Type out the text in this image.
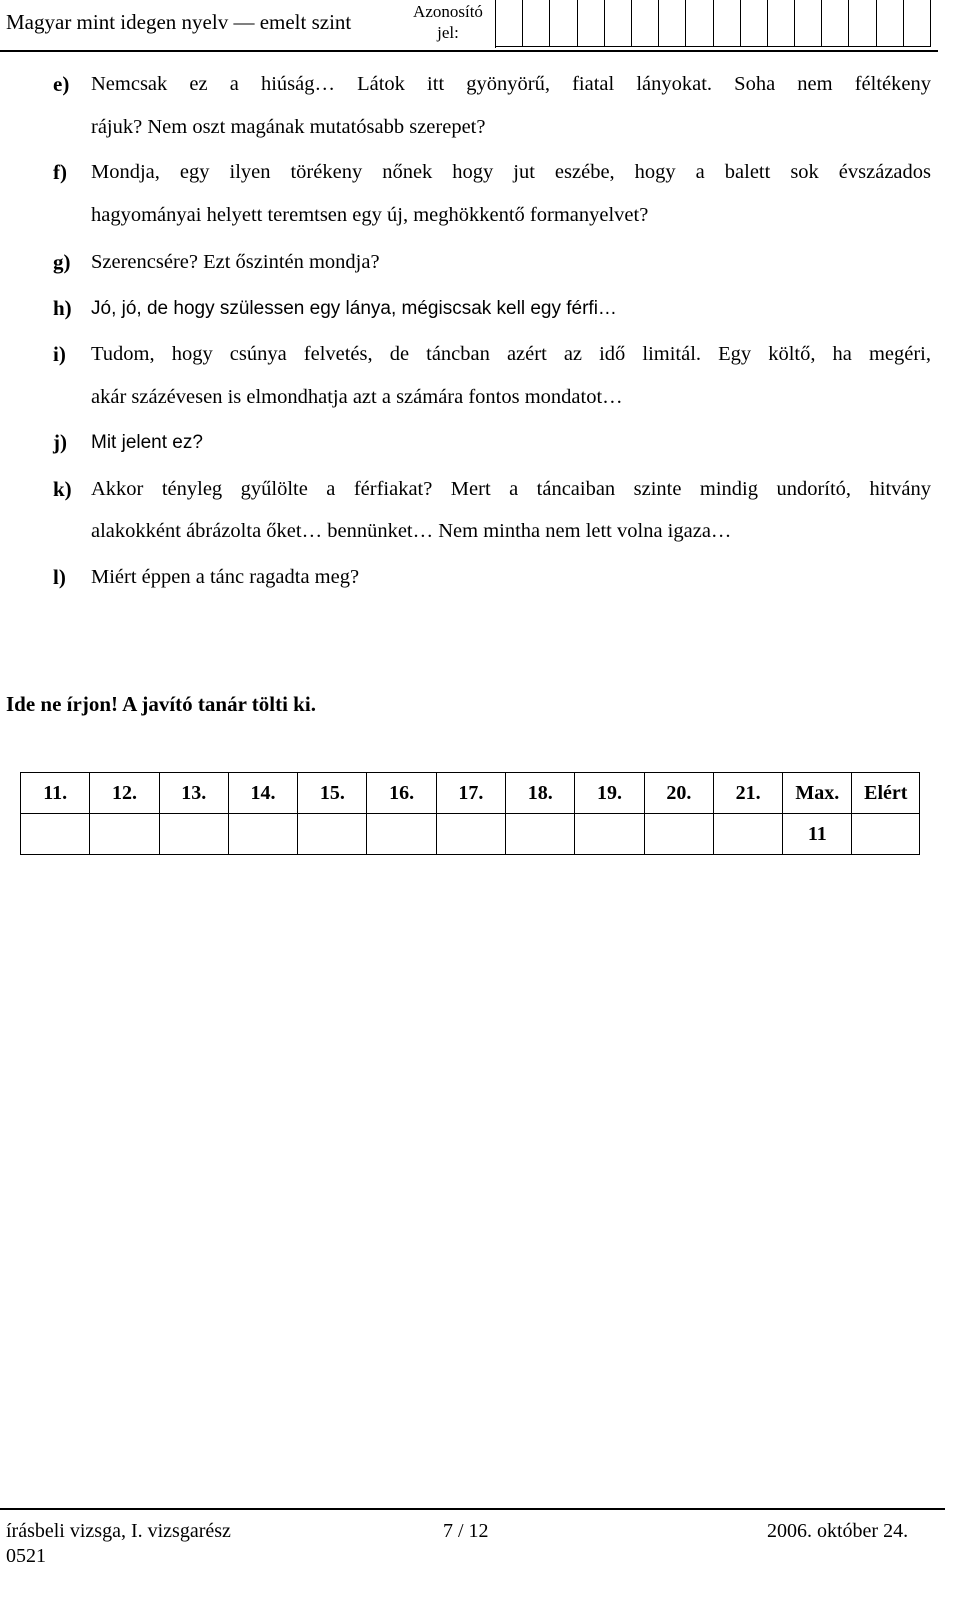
Magyar mint idegen nyelv — emelt szint	Azonosító
jel:
e) Nemcsak ez a hiúság… Látok itt gyönyörű, fiatal lányokat. Soha nem féltékeny
rájuk? Nem oszt magának mutatósabb szerepet?
f) Mondja, egy ilyen törékeny nőnek hogy jut eszébe, hogy a balett sok évszázados
hagyományai helyett teremtsen egy új, meghökkentő formanyelvet?
g) Szerencsére? Ezt őszintén mondja?
h) Jó, jó, de hogy szülessen egy lánya, mégiscsak kell egy férfi…
i) Tudom, hogy csúnya felvetés, de táncban azért az idő limitál. Egy költő, ha megéri,
akár százévesen is elmondhatja azt a számára fontos mondatot…
j) Mit jelent ez?
k) Akkor tényleg gyűlölte a férfiakat? Mert a táncaiban szinte mindig undorító, hitvány
alakokként ábrázolta őket… bennünket… Nem mintha nem lett volna igaza…
l) Miért éppen a tánc ragadta meg?
Ide ne írjon! A javító tanár tölti ki.
11.	12.	13.	14.	15.	16.	17.	18.	19.	20.	21.	Max.	Elért
											11	
írásbeli vizsga, I. vizsgarész	7 / 12	2006. október 24.
0521
